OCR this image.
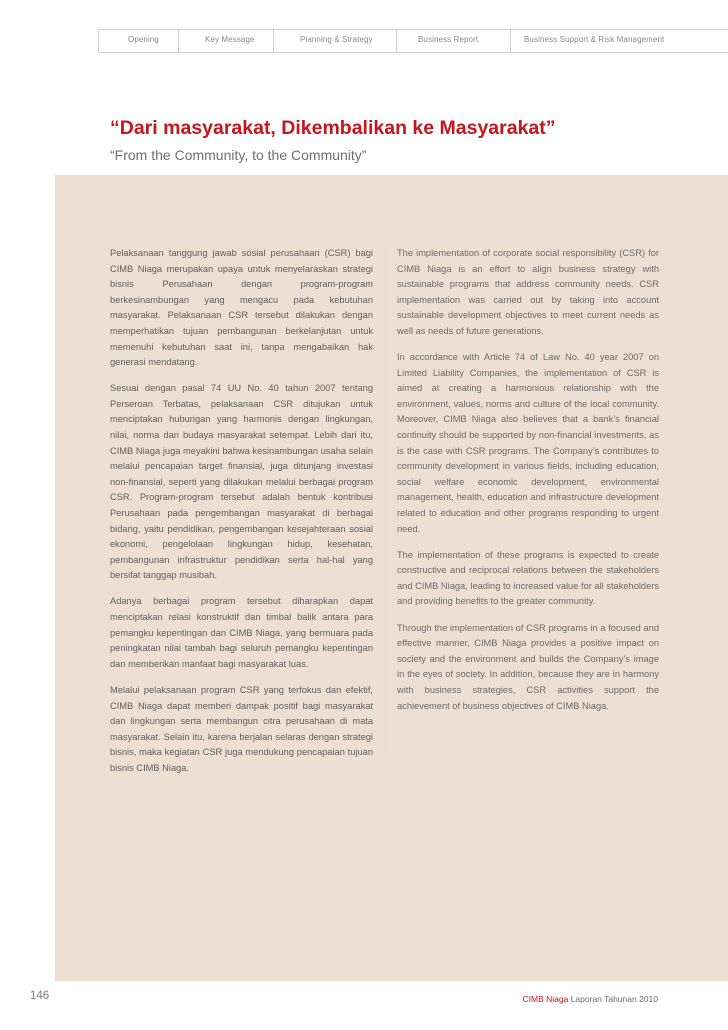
Opening	Key Message	Planning & Strategy	Business Report	Business Support & Risk Management
“Dari masyarakat, Dikembalikan ke Masyarakat”
“From the Community, to the Community”

Pelaksanaan tanggung jawab sosial perusahaan (CSR) bagi CIMB Niaga merupakan upaya untuk menyelaraskan strategi bisnis Perusahaan dengan program-program berkesinambungan yang mengacu pada kebutuhan masyarakat. Pelaksanaan CSR tersebut dilakukan dengan memperhatikan tujuan pembangunan berkelanjutan untuk memenuhi kebutuhan saat ini, tanpa mengabaikan hak generasi mendatang.

Sesuai dengan pasal 74 UU No. 40 tahun 2007 tentang Perseroan Terbatas, pelaksanaan CSR ditujukan untuk menciptakan hubungan yang harmonis dengan lingkungan, nilai, norma dan budaya masyarakat setempat. Lebih dari itu, CIMB Niaga juga meyakini bahwa kesinambungan usaha selain melalui pencapaian target finansial, juga ditunjang investasi non-finansial, seperti yang dilakukan melalui berbagai program CSR. Program-program tersebut adalah bentuk kontribusi Perusahaan pada pengembangan masyarakat di berbagai bidang, yaitu pendidikan, pengembangan kesejahteraan sosial ekonomi, pengelolaan lingkungan hidup, kesehatan, pembangunan infrastruktur pendidikan serta hal-hal yang bersifat tanggap musibah.

Adanya berbagai program tersebut diharapkan dapat menciptakan relasi konstruktif dan timbal balik antara para pemangku kepentingan dan CIMB Niaga, yang bermuara pada peningkatan nilai tambah bagi seluruh pemangku kepentingan dan memberikan manfaat bagi masyarakat luas.

Melalui pelaksanaan program CSR yang terfokus dan efektif, CIMB Niaga dapat memberi dampak positif bagi masyarakat dan lingkungan serta membangun citra perusahaan di mata masyarakat. Selain itu, karena berjalan selaras dengan strategi bisnis, maka kegiatan CSR juga mendukung pencapaian tujuan bisnis CIMB Niaga.

The implementation of corporate social responsibility (CSR) for CIMB Niaga is an effort to align business strategy with sustainable programs that address community needs. CSR implementation was carried out by taking into account sustainable development objectives to meet current needs as well as needs of future generations.

In accordance with Article 74 of Law No. 40 year 2007 on Limited Liability Companies, the implementation of CSR is aimed at creating a harmonious relationship with the environment, values, norms and culture of the local community. Moreover, CIMB Niaga also believes that a bank’s financial continuity should be supported by non-financial investments, as is the case with CSR programs. The Company’s contributes to community development in various fields, including education, social welfare economic development, environmental management, health, education and infrastructure development related to education and other programs responding to urgent need.

The implementation of these programs is expected to create constructive and reciprocal relations between the stakeholders and CIMB Niaga, leading to increased value for all stakeholders and providing benefits to the greater community.

Through the implementation of CSR programs in a focused and effective manner, CIMB Niaga provides a positive impact on society and the environment and builds the Company’s image in the eyes of society. In addition, because they are in harmony with business strategies, CSR activities support the achievement of business objectives of CIMB Niaga.

146	CIMB Niaga Laporan Tahunan 2010
